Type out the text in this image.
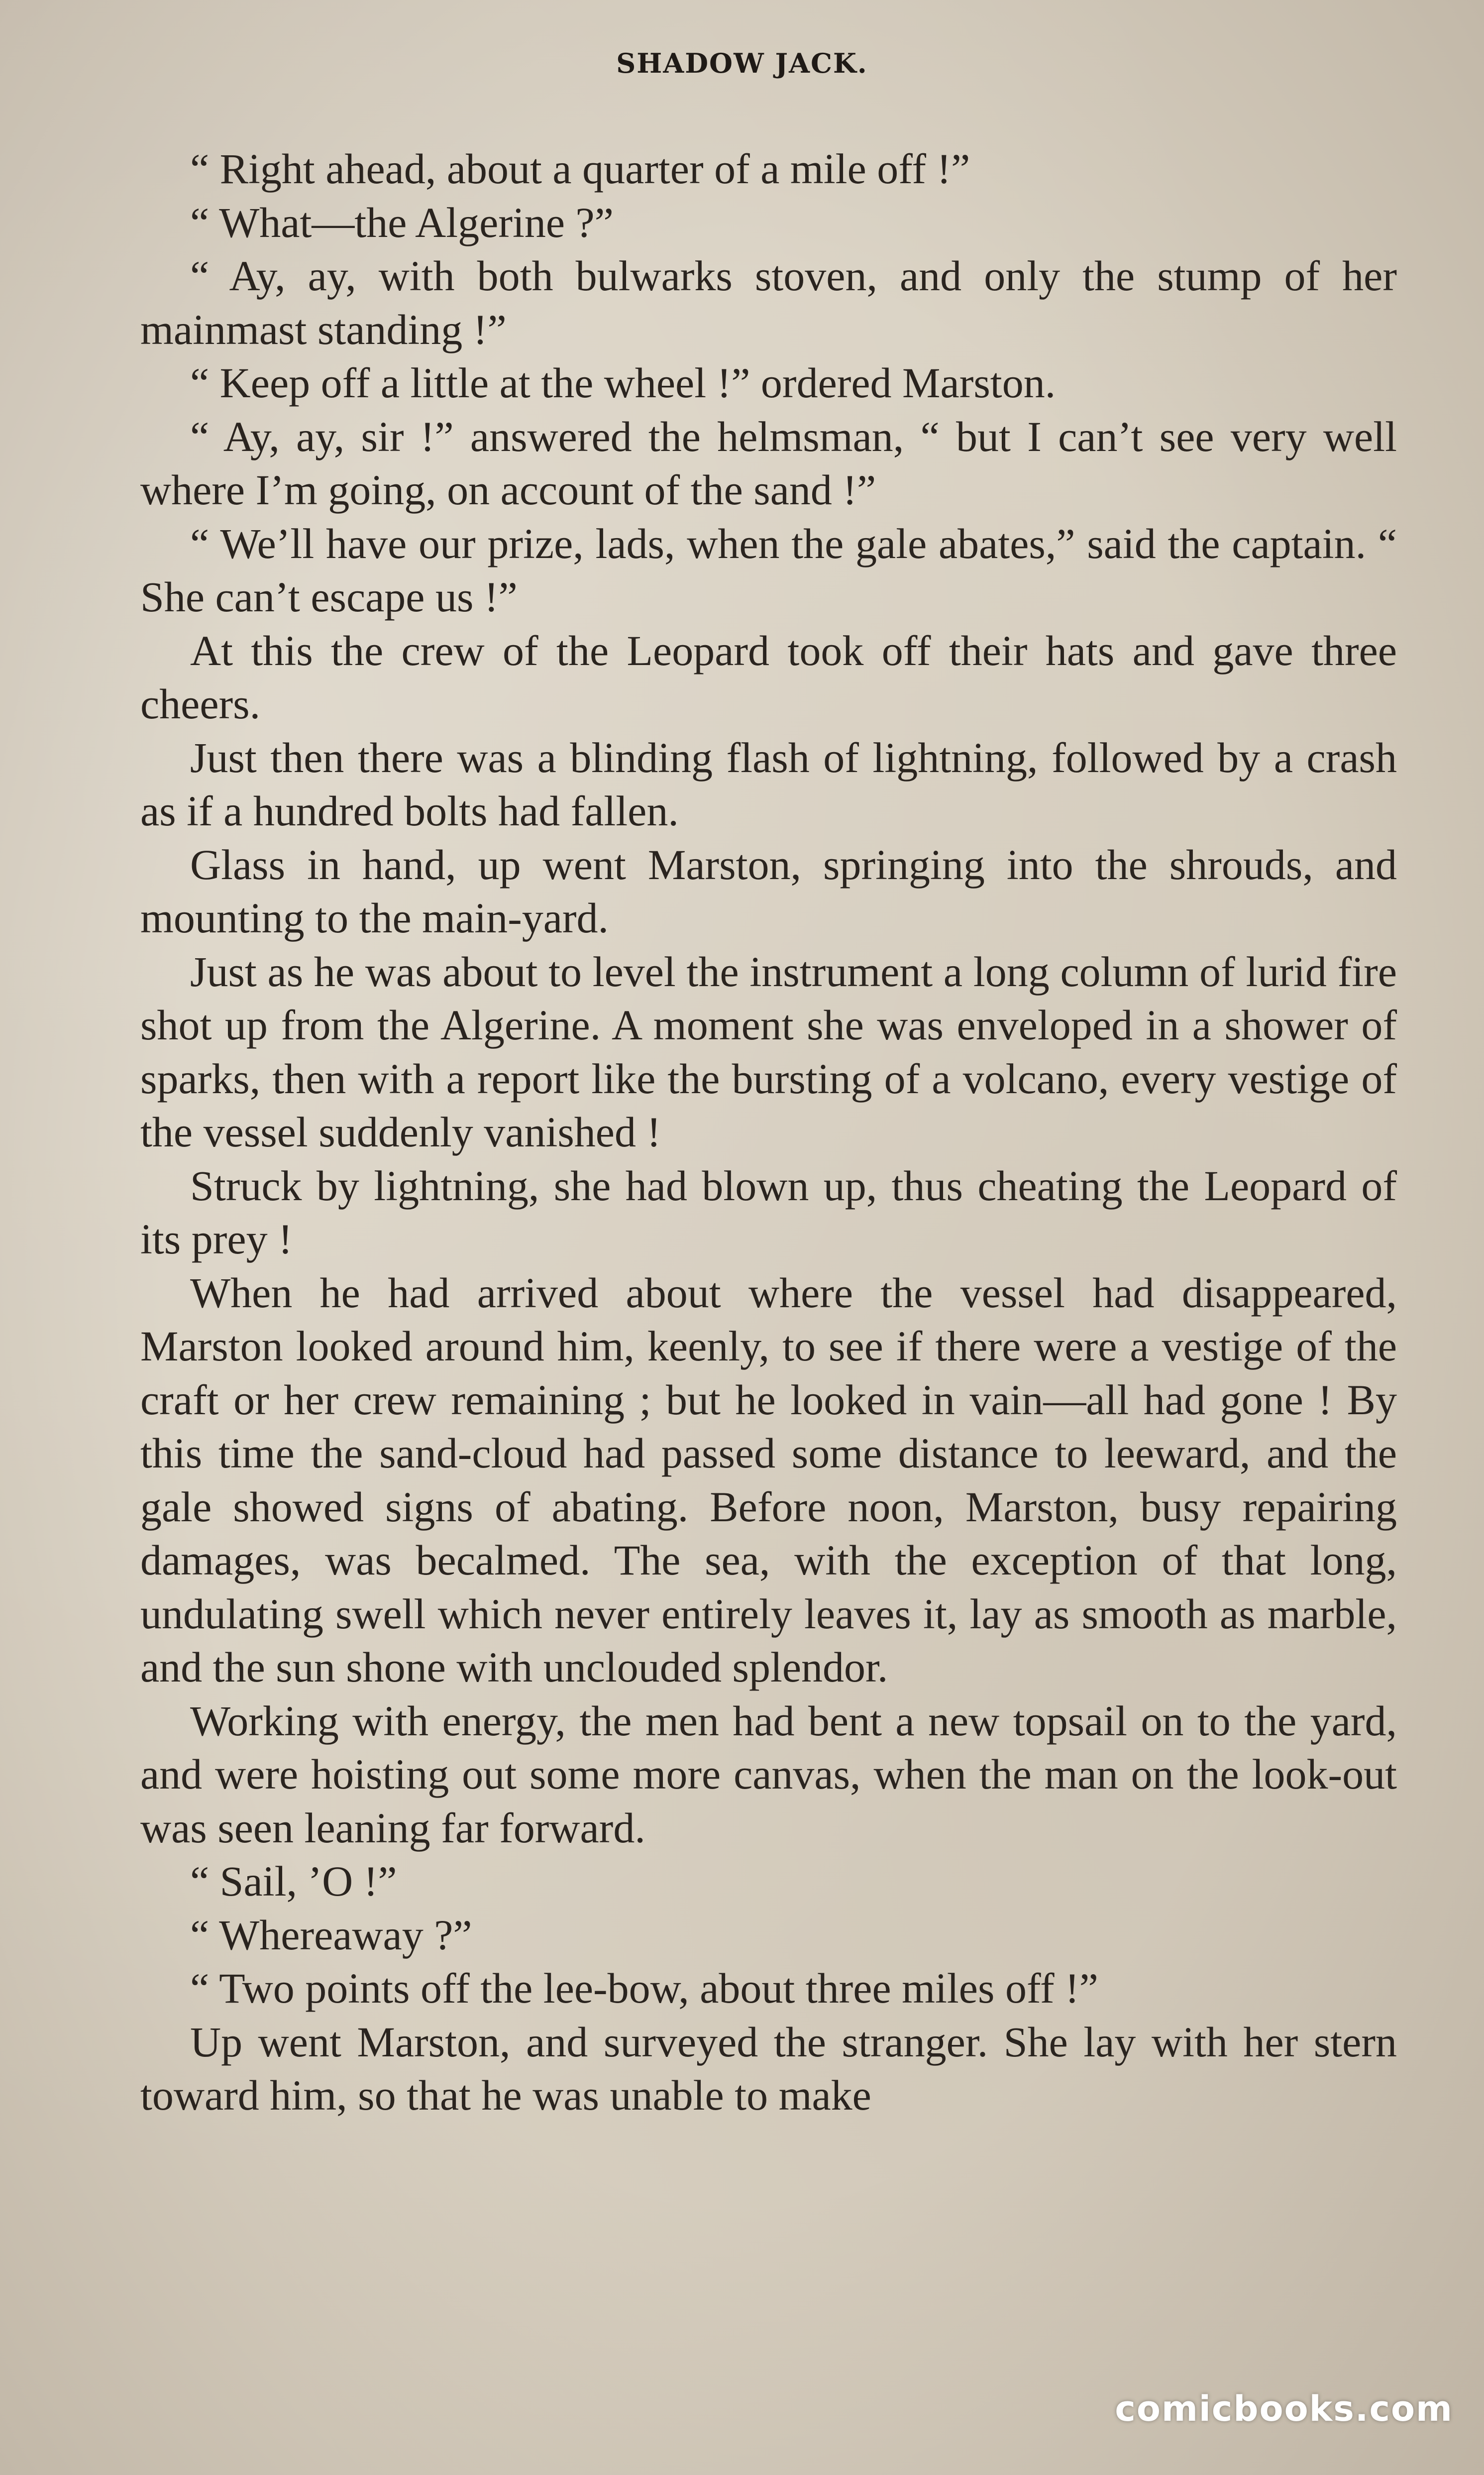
SHADOW JACK.

“ Right ahead, about a quarter of a mile off !”

“ What—the Algerine ?”

“ Ay, ay, with both bulwarks stoven, and only the stump of her mainmast standing !”

“ Keep off a little at the wheel !” ordered Marston.

“ Ay, ay, sir !” answered the helmsman, “ but I can’t see very well where I’m going, on account of the sand !”

“ We’ll have our prize, lads, when the gale abates,” said the captain. “ She can’t escape us !”

At this the crew of the Leopard took off their hats and gave three cheers.

Just then there was a blinding flash of lightning, followed by a crash as if a hundred bolts had fallen.

Glass in hand, up went Marston, springing into the shrouds, and mounting to the main-yard.

Just as he was about to level the instrument a long column of lurid fire shot up from the Algerine. A moment she was enveloped in a shower of sparks, then with a report like the bursting of a volcano, every vestige of the vessel suddenly vanished !

Struck by lightning, she had blown up, thus cheating the Leopard of its prey !

When he had arrived about where the vessel had disappeared, Marston looked around him, keenly, to see if there were a vestige of the craft or her crew remaining ; but he looked in vain—all had gone ! By this time the sand-cloud had passed some distance to leeward, and the gale showed signs of abating. Before noon, Marston, busy repairing damages, was becalmed. The sea, with the exception of that long, undulating swell which never entirely leaves it, lay as smooth as marble, and the sun shone with unclouded splendor.

Working with energy, the men had bent a new topsail on to the yard, and were hoisting out some more canvas, when the man on the look-out was seen leaning far forward.

“ Sail, ’O !”

“ Whereaway ?”

“ Two points off the lee-bow, about three miles off !”

Up went Marston, and surveyed the stranger. She lay with her stern toward him, so that he was unable to make

comicbooks.com
